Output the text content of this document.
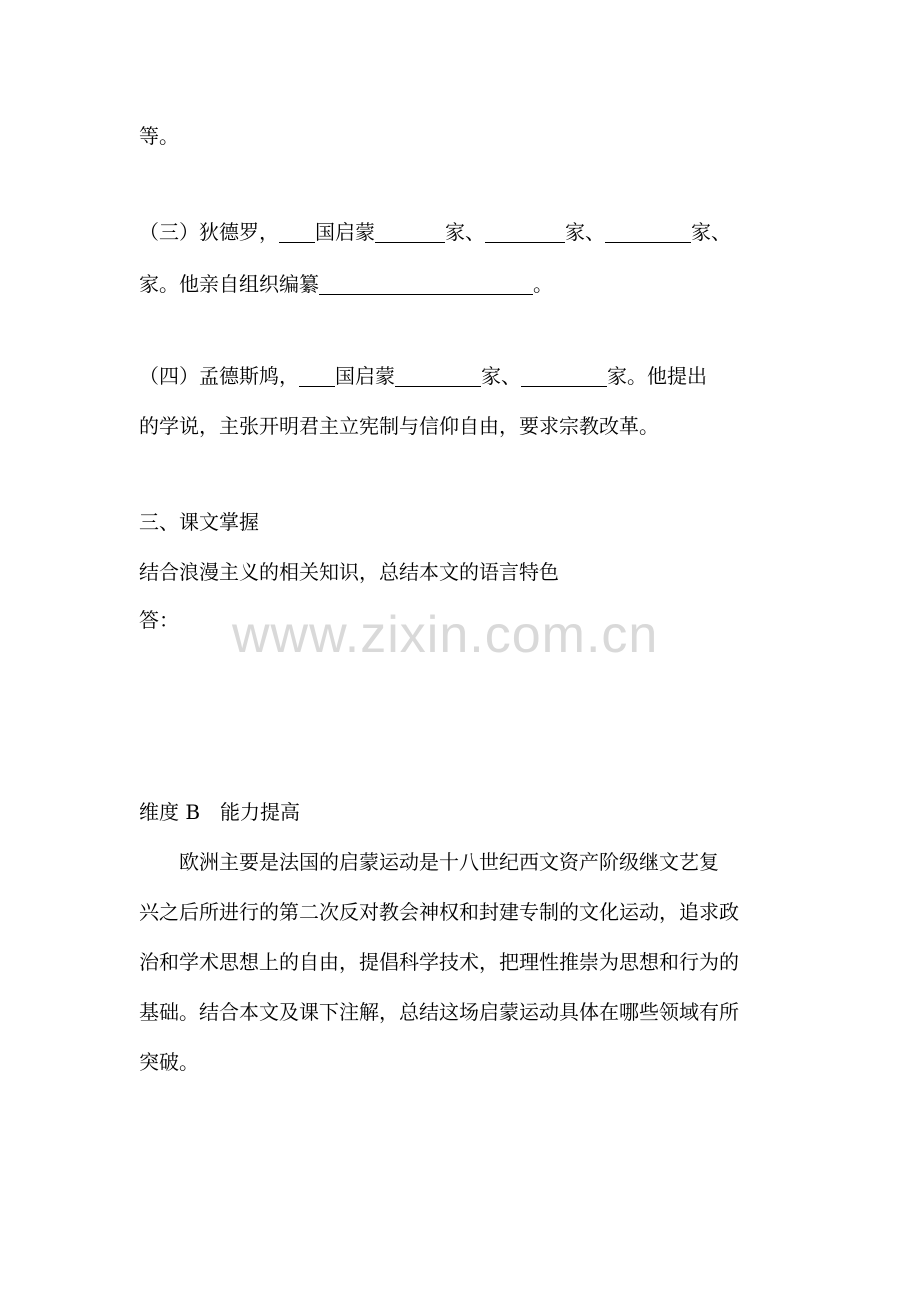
等。
（三）狄德罗， 国启蒙	家、	家、	家、
家。他亲自组织编纂	。
（四）孟德斯鸠， 国启蒙	家、	家。他提出
的学说，主张开明君主立宪制与信仰自由，要求宗教改革。
三、课文掌握
结合浪漫主义的相关知识，总结本文的语言特色
答： www.zixin.com.cn
维度 B　能力提高
欧洲主要是法国的启蒙运动是十八世纪西文资产阶级继文艺复
兴之后所进行的第二次反对教会神权和封建专制的文化运动，追求政
治和学术思想上的自由，提倡科学技术，把理性推崇为思想和行为的
基础。结合本文及课下注解，总结这场启蒙运动具体在哪些领域有所
突破。
